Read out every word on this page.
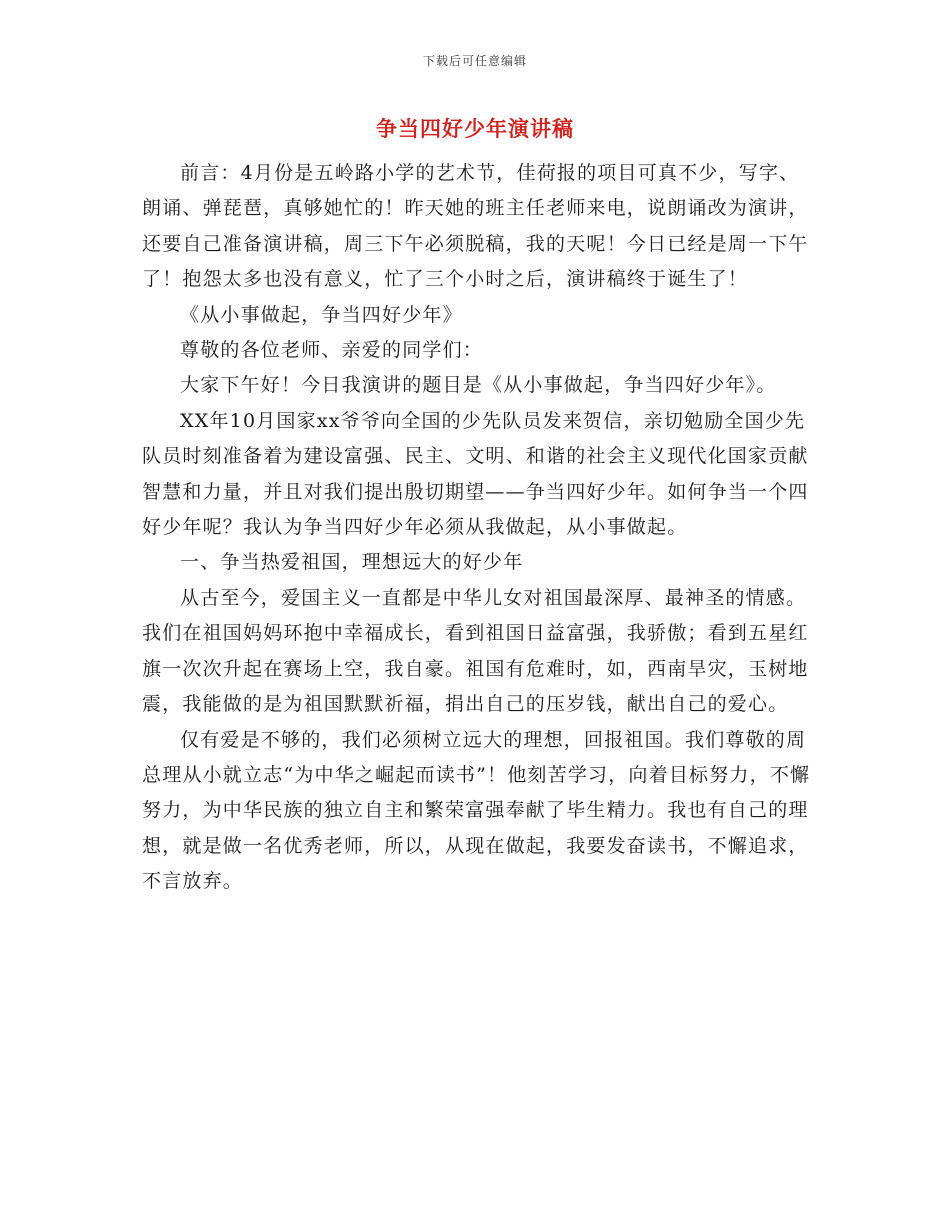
下载后可任意编辑
争当四好少年演讲稿

前言：4月份是五岭路小学的艺术节，佳荷报的项目可真不少，写字、朗诵、弹琵琶，真够她忙的！昨天她的班主任老师来电，说朗诵改为演讲，还要自己准备演讲稿，周三下午必须脱稿，我的天呢！今日已经是周一下午了！抱怨太多也没有意义，忙了三个小时之后，演讲稿终于诞生了！

《从小事做起，争当四好少年》

尊敬的各位老师、亲爱的同学们：

大家下午好！今日我演讲的题目是《从小事做起，争当四好少年》。

XX年10月国家xx爷爷向全国的少先队员发来贺信，亲切勉励全国少先队员时刻准备着为建设富强、民主、文明、和谐的社会主义现代化国家贡献智慧和力量，并且对我们提出殷切期望——争当四好少年。如何争当一个四好少年呢？我认为争当四好少年必须从我做起，从小事做起。

一、争当热爱祖国，理想远大的好少年

从古至今，爱国主义一直都是中华儿女对祖国最深厚、最神圣的情感。我们在祖国妈妈环抱中幸福成长，看到祖国日益富强，我骄傲；看到五星红旗一次次升起在赛场上空，我自豪。祖国有危难时，如，西南旱灾，玉树地震，我能做的是为祖国默默祈福，捐出自己的压岁钱，献出自己的爱心。

仅有爱是不够的，我们必须树立远大的理想，回报祖国。我们尊敬的周总理从小就立志“为中华之崛起而读书”！他刻苦学习，向着目标努力，不懈努力，为中华民族的独立自主和繁荣富强奉献了毕生精力。我也有自己的理想，就是做一名优秀老师，所以，从现在做起，我要发奋读书，不懈追求，不言放弃。
